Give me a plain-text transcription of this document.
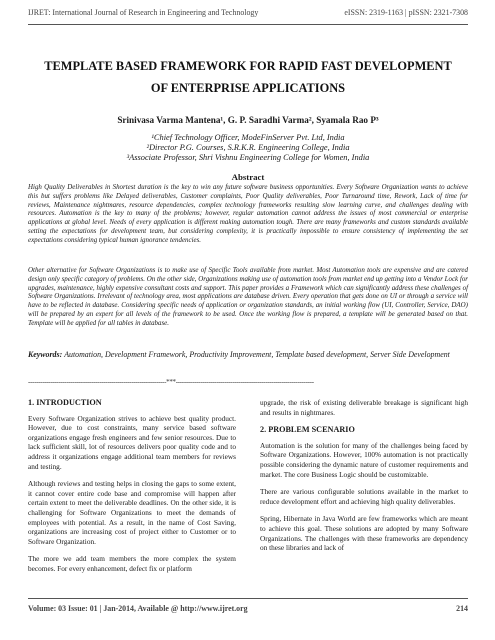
IJRET: International Journal of Research in Engineering and Technology	eISSN: 2319-1163 | pISSN: 2321-7308
TEMPLATE BASED FRAMEWORK FOR RAPID FAST DEVELOPMENT
OF ENTERPRISE APPLICATIONS
Srinivasa Varma Mantena¹, G. P. Saradhi Varma², Syamala Rao P³
¹Chief Technology Officer, ModeFinServer Pvt. Ltd, India
²Director P.G. Courses, S.R.K.R. Engineering College, India
³Associate Professor, Shri Vishnu Engineering College for Women, India
Abstract
High Quality Deliverables in Shortest duration is the key to win any future software business opportunities. Every Software Organization wants to achieve this but suffers problems like Delayed deliverables, Customer complaints, Poor Quality deliverables, Poor Turnaround time, Rework, Lack of time for reviews, Maintenance nightmares, resource dependencies, complex technology frameworks resulting slow learning curve, and challenges dealing with resources. Automation is the key to many of the problems; however, regular automation cannot address the issues of most commercial or enterprise applications at global level. Needs of every application is different making automation tough. There are many frameworks and custom standards available setting the expectations for development team, but considering complexity, it is practically impossible to ensure consistency of implementing the set expectations considering typical human ignorance tendencies.
Other alternative for Software Organizations is to make use of Specific Tools available from market. Most Automation tools are expensive and are catered design only specific category of problems. On the other side, Organizations making use of automation tools from market end up getting into a Vendor Lock for upgrades, maintenance, highly expensive consultant costs and support. This paper provides a Framework which can significantly address these challenges of Software Organizations. Irrelevant of technology area, most applications are database driven. Every operation that gets done on UI or through a service will have to be reflected in database. Considering specific needs of application or organization standards, an initial working flow (UI, Controller, Service, DAO) will be prepared by an expert for all levels of the framework to be used. Once the working flow is prepared, a template will be generated based on that. Template will be applied for all tables in database.
Keywords: Automation, Development Framework, Productivity Improvement, Template based development, Server Side Development
--------------------------------------------------------------------***--------------------------------------------------------------------
1. INTRODUCTION

Every Software Organization strives to achieve best quality product. However, due to cost constraints, many service based software organizations engage fresh engineers and few senior resources. Due to lack sufficient skill, lot of resources delivers poor quality code and to address it organizations engage additional team members for reviews and testing.

Although reviews and testing helps in closing the gaps to some extent, it cannot cover entire code base and compromise will happen after certain extent to meet the deliverable deadlines. On the other side, it is challenging for Software Organizations to meet the demands of employees with potential. As a result, in the name of Cost Saving, organizations are increasing cost of project either to Customer or to Software Organization.

The more we add team members the more complex the system becomes. For every enhancement, defect fix or platform

upgrade, the risk of existing deliverable breakage is significant high and results in nightmares.

2. PROBLEM SCENARIO

Automation is the solution for many of the challenges being faced by Software Organizations. However, 100% automation is not practically possible considering the dynamic nature of customer requirements and market. The core Business Logic should be customizable.

There are various configurable solutions available in the market to reduce development effort and achieving high quality deliverables.

Spring, Hibernate in Java World are few frameworks which are meant to achieve this goal. These solutions are adopted by many Software Organizations. The challenges with these frameworks are dependency on these libraries and lack of

Volume: 03 Issue: 01 | Jan-2014, Available @ http://www.ijret.org	214
